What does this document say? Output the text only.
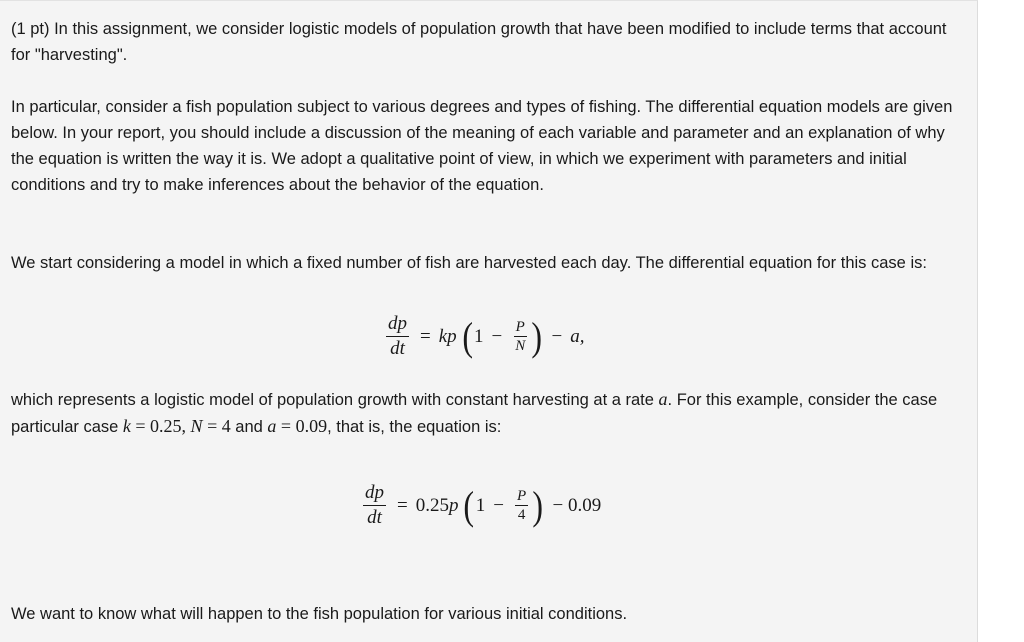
(1 pt) In this assignment, we consider logistic models of population growth that have been modified to include terms that account for "harvesting".

In particular, consider a fish population subject to various degrees and types of fishing. The differential equation models are given below. In your report, you should include a discussion of the meaning of each variable and parameter and an explanation of why the equation is written the way it is. We adopt a qualitative point of view, in which we experiment with parameters and initial conditions and try to make inferences about the behavior of the equation.

We start considering a model in which a fixed number of fish are harvested each day. The differential equation for this case is:

$\frac{dp}{dt}$ = kp ( $1 - \frac{P}{N}$ ) − a,

which represents a logistic model of population growth with constant harvesting at a rate a. For this example, consider the case particular case k = 0.25, N = 4 and a = 0.09, that is, the equation is:

$\frac{dp}{dt} = 0.25$ p ( $1 - \frac{P}{4}$ ) − 0.09

We want to know what will happen to the fish population for various initial conditions.
